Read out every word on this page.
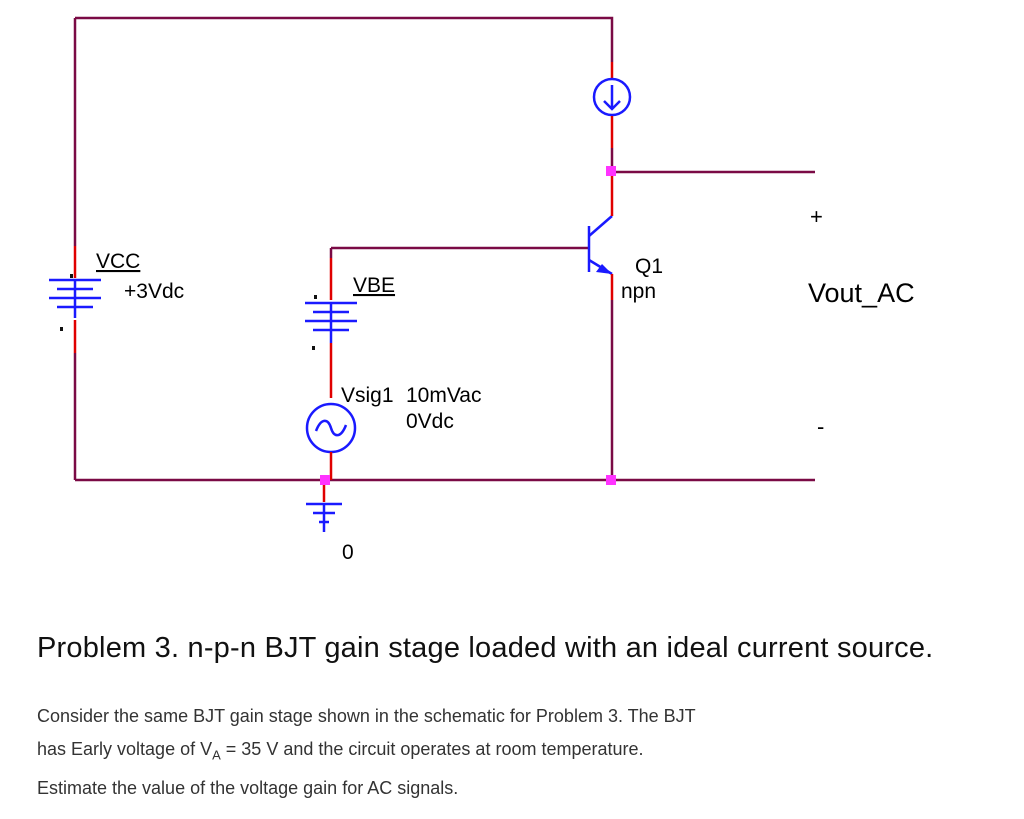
VCC
+3Vdc	VBE
Vsig1 10mVac
0Vdc
0
Q1
npn
+
Vout_AC
-
Problem 3. n-p-n BJT gain stage loaded with an ideal current source.

Consider the same BJT gain stage shown in the schematic for Problem 3. The BJT

has Early voltage of $V_A = 35$ V and the circuit operates at room temperature.

Estimate the value of the voltage gain for AC signals.
